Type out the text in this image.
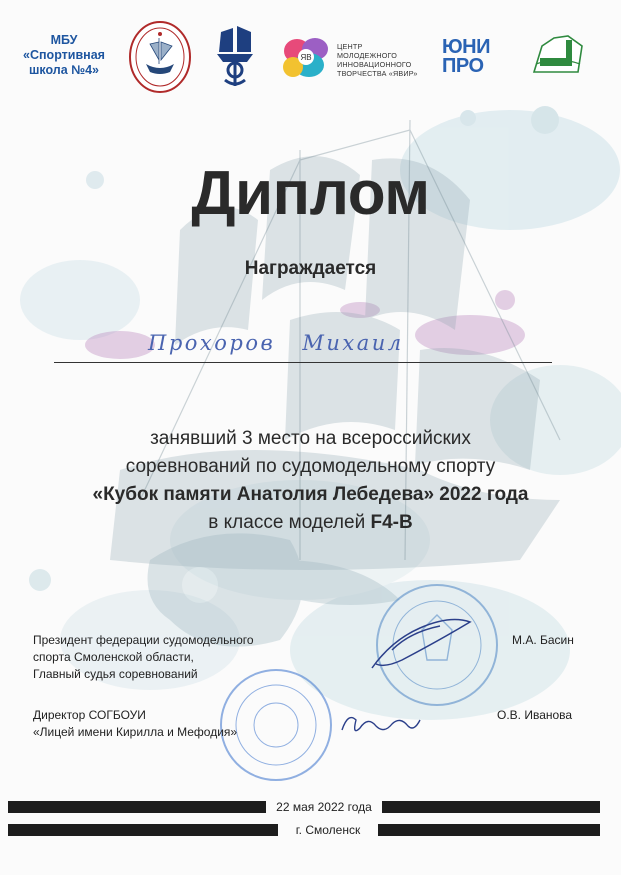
МБУ
«Спортивная
школа №4»
ЯВ
ЦЕНТР
МОЛОДЕЖНОГО
ИННОВАЦИОННОГО
ТВОРЧЕСТВА «ЯВИР»
ЮНИ
ПРО
Диплом
Награждается
Прохоров Михаил
занявший 3 место на всероссийских
соревнований по судомодельному спорту
«Кубок памяти Анатолия Лебедева» 2022 года
в классе моделей F4-B
Президент федерации судомодельного
спорта Смоленской области,
Главный судья соревнований
М.А. Басин
Директор СОГБОУИ
«Лицей имени Кирилла и Мефодия»
О.В. Иванова
22 мая 2022 года
г. Смоленск
